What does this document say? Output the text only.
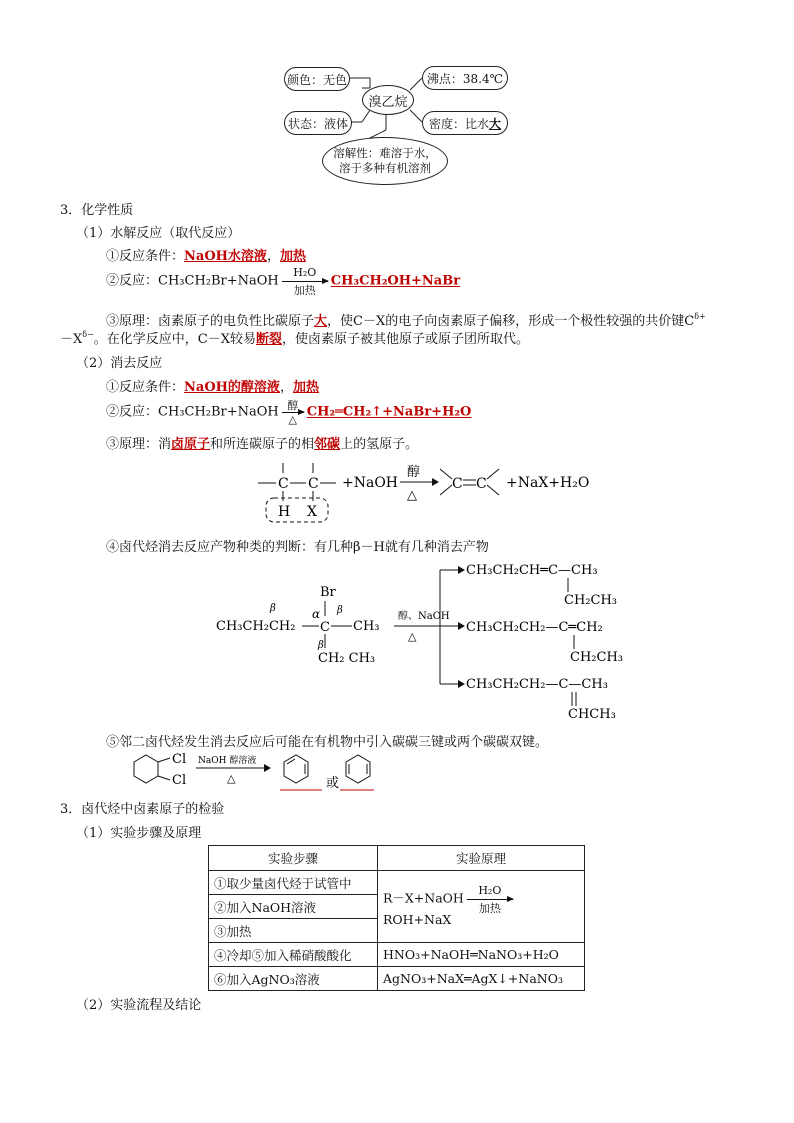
颜色：无色
状态：液体
溴乙烷
沸点：38.4℃
密度：比水 大
溶解性：难溶于水，
溶于多种有机溶剂
3．化学性质
（1）水解反应（取代反应）
①反应条件：NaOH水溶液，加热
②反应：CH₃CH₂Br+NaOH
H₂O
加热
CH₃CH₂OH+NaBr
③原理：卤素原子的电负性比碳原子大，使C－X的电子向卤素原子偏移，形成一个极性较强的共价键$C^{\delta+}$
$-X^{\delta-}$。在化学反应中，C－X较易断裂，使卤素原子被其他原子或原子团所取代。
（2）消去反应
①反应条件：NaOH的醇溶液，加热
②反应：CH₃CH₂Br+NaOH 醇
△ CH₂═CH₂↑+NaBr+H₂O
③原理：消卤原子和所连碳原子的相邻碳上的氢原子。
C C
H X
+NaOH
醇
△
C C +NaX+H₂O
④卤代烃消去反应产物种类的判断：有几种β－H就有几种消去产物
Br
α
β	β
β
CH₃CH₂CH₂ C CH₃
CH₂ CH₃
醇、NaOH
△
CH₃CH₂CH═C—CH₃
CH₂CH₃
CH₃CH₂CH₂—C═CH₂
CH₂CH₃
CH₃CH₂CH₂—C—CH₃
CHCH₃
⑤邻二卤代烃发生消去反应后可能在有机物中引入碳碳三键或两个碳碳双键。
Cl
Cl
NaOH 醇溶液
△	或
3．卤代烃中卤素原子的检验
（1）实验步骤及原理
实验步骤	实验原理
①取少量卤代烃于试管中	R－X+NaOH H₂O
加热
ROH+NaX
②加入NaOH溶液	
③加热	
④冷却⑤加入稀硝酸酸化	HNO₃+NaOH═NaNO₃+H₂O
⑥加入AgNO₃溶液	AgNO₃+NaX═AgX↓+NaNO₃
（2）实验流程及结论
